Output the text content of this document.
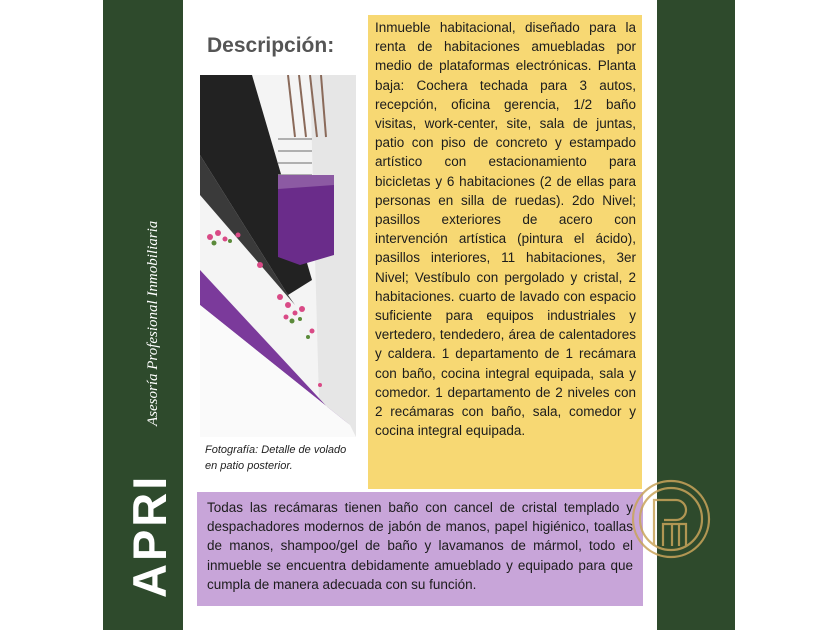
APRI
Asesoría Profesional Inmobiliaria
Descripción:
Fotografía: Detalle de volado en patio posterior.
Inmueble habitacional, diseñado para la renta de habitaciones amuebladas por medio de plataformas electrónicas. Planta baja: Cochera techada para 3 autos, recepción, oficina gerencia, 1/2 baño visitas, work-center, site, sala de juntas, patio con piso de concreto y estampado artístico con estacionamiento para bicicletas y 6 habitaciones (2 de ellas para personas en silla de ruedas). 2do Nivel; pasillos exteriores de acero con intervención artística (pintura el ácido), pasillos interiores, 11 habitaciones, 3er Nivel; Vestíbulo con pergolado y cristal, 2 habitaciones. cuarto de lavado con espacio suficiente para equipos industriales y vertedero, tendedero, área de calentadores y caldera. 1 departamento de 1 recámara con baño, cocina integral equipada, sala y comedor. 1 departamento de 2 niveles con 2 recámaras con baño, sala, comedor y cocina integral equipada.
Todas las recámaras tienen baño con cancel de cristal templado y despachadores modernos de jabón de manos, papel higiénico, toallas de manos, shampoo/gel de baño y lavamanos de mármol, todo el inmueble se encuentra debidamente amueblado y equipado para que cumpla de manera adecuada con su función.
